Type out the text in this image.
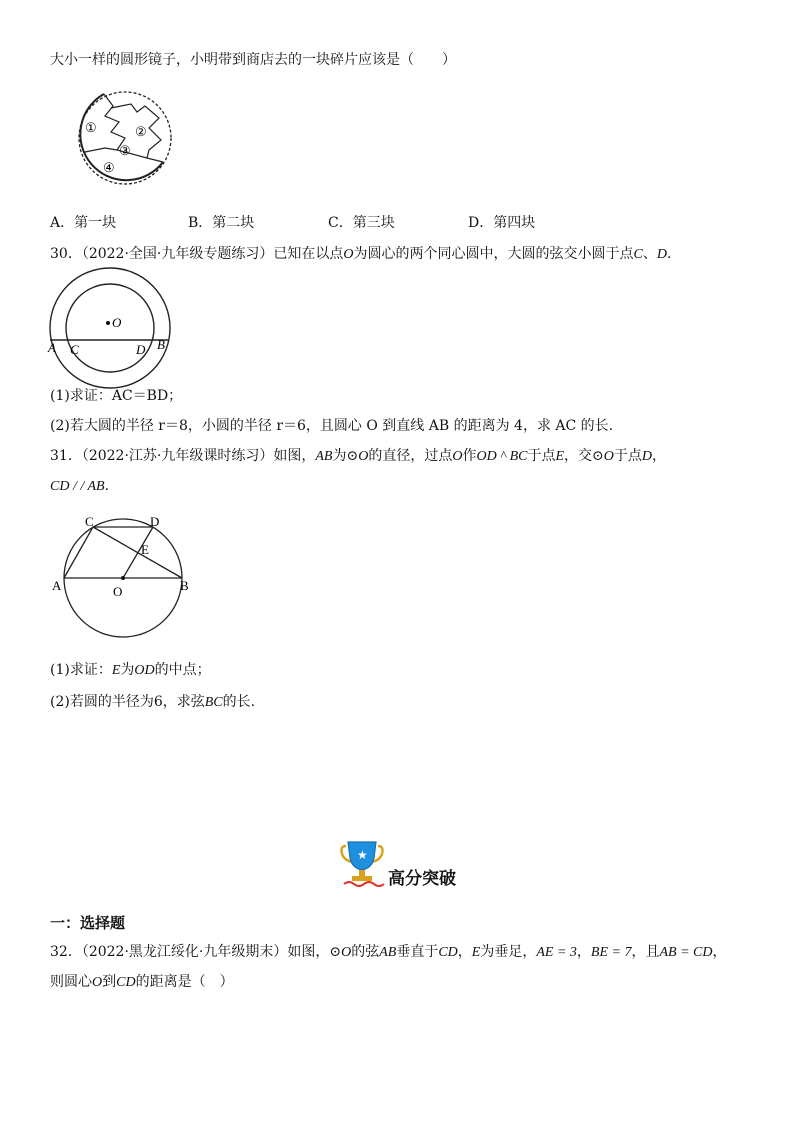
大小一样的圆形镜子，小明带到商店去的一块碎片应该是（　　）
①	②
③
④
A．第一块	B．第二块	C．第三块	D．第四块
30．（2022·全国·九年级专题练习）已知在以点O为圆心的两个同心圆中，大圆的弦交小圆于点C、D.
O
A C	D B
(1)求证：AC＝BD；
(2)若大圆的半径 r＝8，小圆的半径 r＝6，且圆心 O 到直线 AB 的距离为 4，求 AC 的长.
31．（2022·江苏·九年级课时练习）如图，AB为⊙O的直径，过点O作OD ^ BC于点E，交⊙O于点D，
CD / / AB.
C	D
E
A	O	B
(1)求证：E为OD的中点；
(2)若圆的半径为6，求弦BC的长.
★
高分突破
一：选择题
32．（2022·黑龙江绥化·九年级期末）如图，⊙O的弦AB垂直于CD，E为垂足，AE = 3，BE = 7，且AB = CD，
则圆心O到CD的距离是（　）
